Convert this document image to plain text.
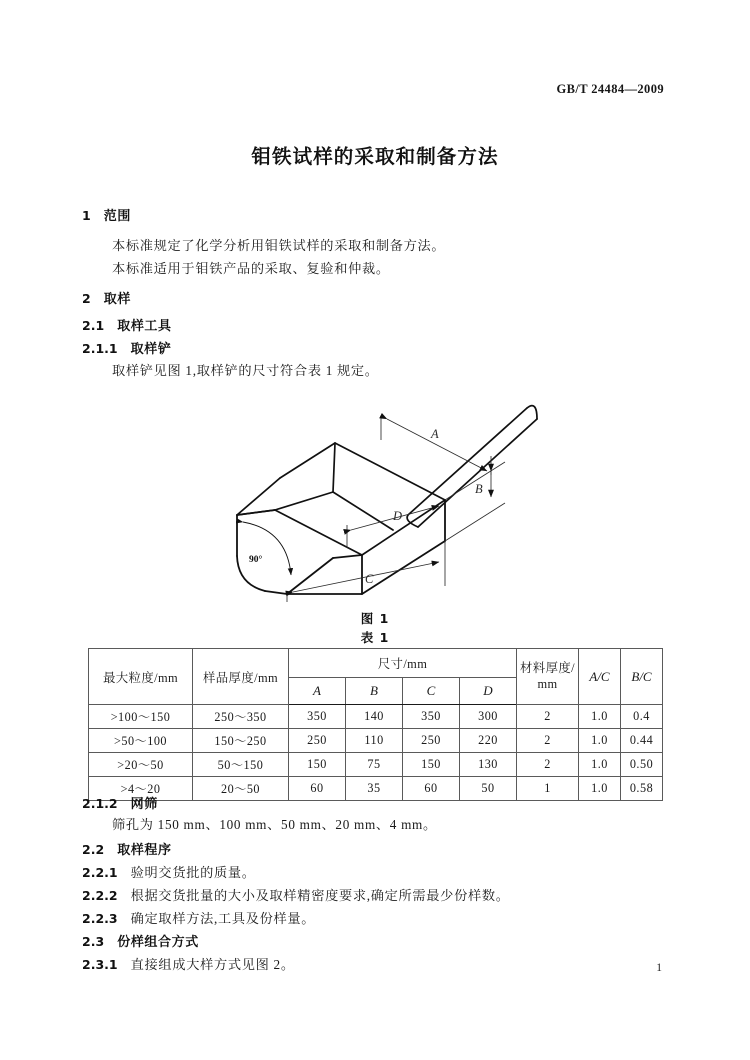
GB/T 24484—2009
钼铁试样的采取和制备方法
1 范围
本标准规定了化学分析用钼铁试样的采取和制备方法。
本标准适用于钼铁产品的采取、复验和仲裁。
2 取样
2.1 取样工具
2.1.1 取样铲
取样铲见图 1,取样铲的尺寸符合表 1 规定。
A
B
D
C
90°
图 1
表 1
最大粒度/mm	样品厚度/mm	尺寸/mm				材料厚度/
mm	A/C	B/C
		A	B	C	D			
>100～150	250～350	350	140	350	300	2	1.0	0.4
>50～100	150～250	250	110	250	220	2	1.0	0.44
>20～50	50～150	150	75	150	130	2	1.0	0.50
>4～20	20～50	60	35	60	50	1	1.0	0.58
2.1.2 网筛
筛孔为 150 mm、100 mm、50 mm、20 mm、4 mm。
2.2 取样程序
2.2.1 验明交货批的质量。
2.2.2 根据交货批量的大小及取样精密度要求,确定所需最少份样数。
2.2.3 确定取样方法,工具及份样量。
2.3 份样组合方式
2.3.1 直接组成大样方式见图 2。	1
